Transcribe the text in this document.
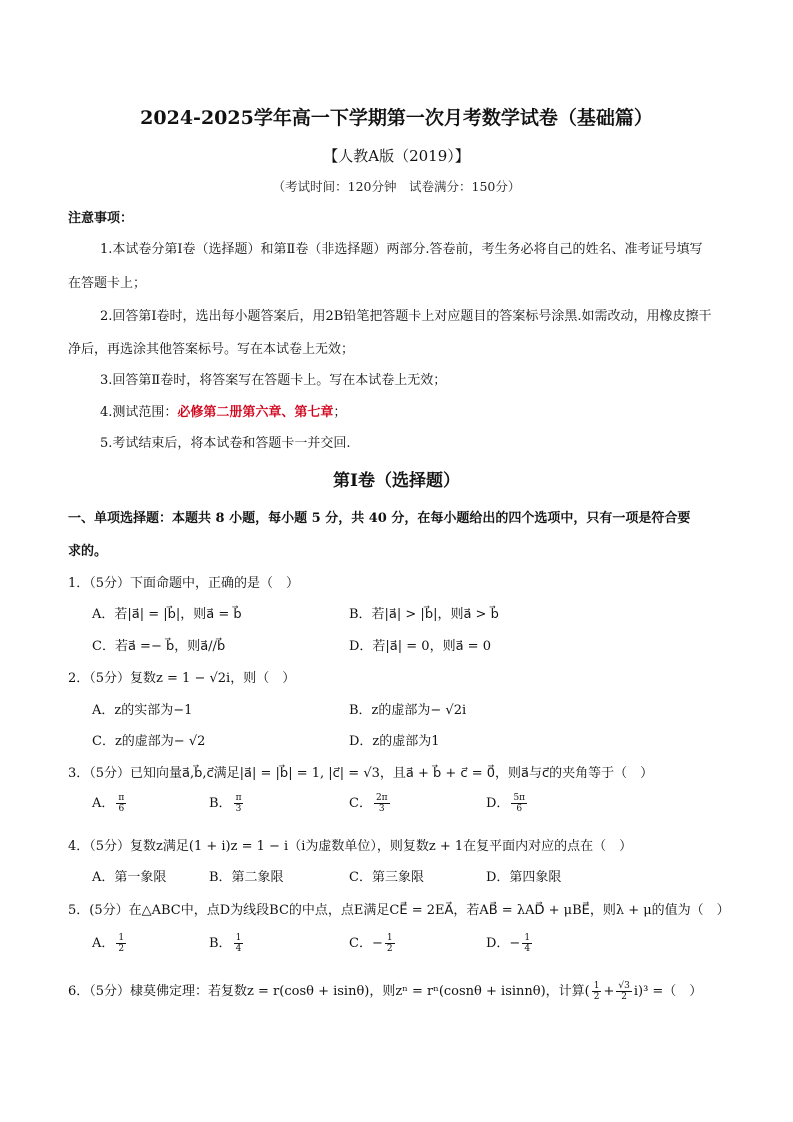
2024-2025学年高一下学期第一次月考数学试卷（基础篇）
【人教A版（2019）】
（考试时间：120分钟　试卷满分：150分）
注意事项：
1.本试卷分第Ⅰ卷（选择题）和第Ⅱ卷（非选择题）两部分.答卷前，考生务必将自己的姓名、准考证号填写
在答题卡上；
2.回答第Ⅰ卷时，选出每小题答案后，用2B铅笔把答题卡上对应题目的答案标号涂黑.如需改动，用橡皮擦干
净后，再选涂其他答案标号。写在本试卷上无效；
3.回答第Ⅱ卷时，将答案写在答题卡上。写在本试卷上无效；
4.测试范围：必修第二册第六章、第七章；
5.考试结束后，将本试卷和答题卡一并交回.
第Ⅰ卷（选择题）
一、单项选择题：本题共 8 小题，每小题 5 分，共 40 分，在每小题给出的四个选项中，只有一项是符合要
求的。
1．（5分）下面命题中，正确的是（　）
A．若|a⃗| = |b⃗|，则a⃗ = b⃗	B．若|a⃗| > |b⃗|，则a⃗ > b⃗
C．若a⃗ =− b⃗，则a⃗//b⃗	D．若|a⃗| = 0，则a⃗ = 0
2．（5分）复数z = 1 − √2i，则（　）
A．z的实部为−1	B．z的虚部为− √2i
C．z的虚部为− √2	D．z的虚部为1
3．（5分）已知向量a⃗,b⃗,c⃗满足|a⃗| = |b⃗| = 1, |c⃗| = √3，且a⃗ + b⃗ + c⃗ = 0⃗，则a⃗与c⃗的夹角等于（　）
A． $\frac{\pi}{6}$	B． $\frac{\pi}{3}$	C． $\frac{2\pi}{3}$	D． $\frac{5\pi}{6}$
4．（5分）复数z满足(1 + i)z = 1 − i（i为虚数单位），则复数z + 1在复平面内对应的点在（　）
A．第一象限	B．第二象限	C．第三象限	D．第四象限
5．(5分）在△ABC中，点D为线段BC的中点，点E满足CE⃗ = 2EA⃗，若AB⃗ = λAD⃗ + μBE⃗，则λ + μ的值为（　）
A． $\frac{1}{2}$	B． $\frac{1}{4}$	C．− $\frac{1}{2}$	D．− $\frac{1}{4}$
6．（5分）棣莫佛定理：若复数z = r(cosθ + isinθ)，则zⁿ = rⁿ(cosnθ + isinnθ)，计算( $\frac{1}{2} + \frac{√3}{2} i)^3$ =（　）
